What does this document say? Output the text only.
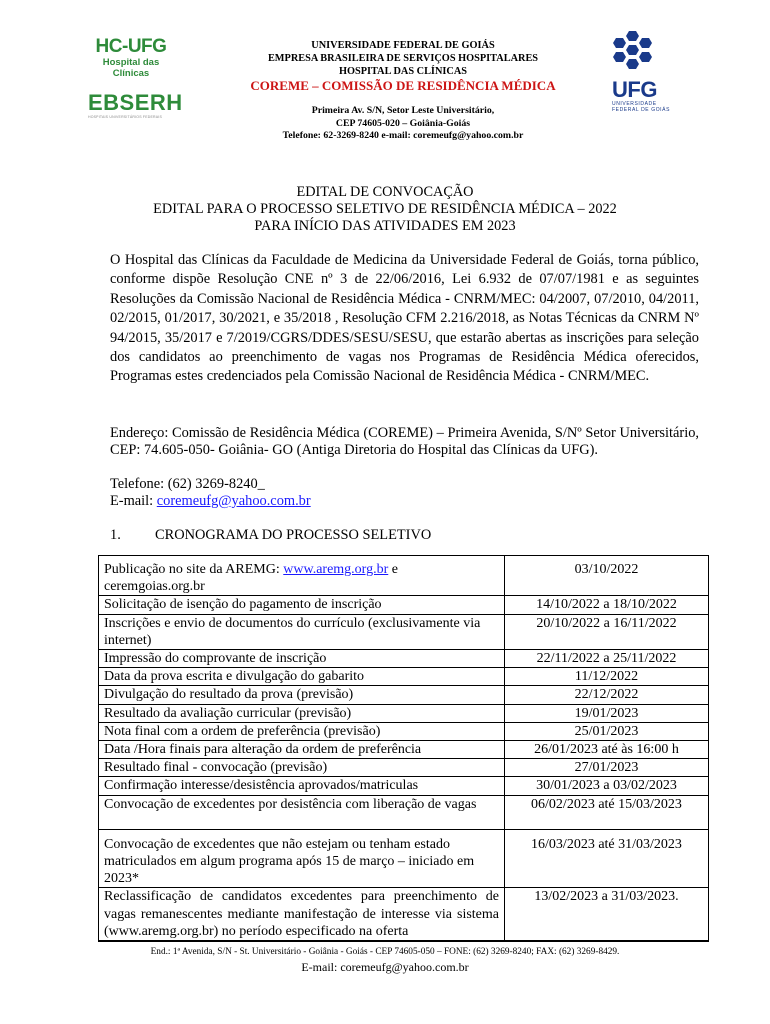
HC-UFG
Hospital das Clínicas
EBSERH
HOSPITAIS UNIVERSITÁRIOS FEDERAIS
UFG
UNIVERSIDADE
FEDERAL DE GOIÁS
UNIVERSIDADE FEDERAL DE GOIÁS
EMPRESA BRASILEIRA DE SERVIÇOS HOSPITALARES
HOSPITAL DAS CLÍNICAS
COREME – COMISSÃO DE RESIDÊNCIA MÉDICA
Primeira Av. S/N, Setor Leste Universitário,
CEP 74605-020 – Goiânia-Goiás
Telefone: 62-3269-8240 e-mail: coremeufg@yahoo.com.br
EDITAL DE CONVOCAÇÃO
EDITAL PARA O PROCESSO SELETIVO DE RESIDÊNCIA MÉDICA – 2022
PARA INÍCIO DAS ATIVIDADES EM 2023

O Hospital das Clínicas da Faculdade de Medicina da Universidade Federal de Goiás, torna público, conforme dispõe Resolução CNE nº 3 de 22/06/2016, Lei 6.932 de 07/07/1981 e as seguintes Resoluções da Comissão Nacional de Residência Médica - CNRM/MEC: 04/2007, 07/2010, 04/2011, 02/2015, 01/2017, 30/2021, e 35/2018 , Resolução CFM 2.216/2018, as Notas Técnicas da CNRM Nº 94/2015, 35/2017 e 7/2019/CGRS/DDES/SESU/SESU, que estarão abertas as inscrições para seleção dos candidatos ao preenchimento de vagas nos Programas de Residência Médica oferecidos, Programas estes credenciados pela Comissão Nacional de Residência Médica - CNRM/MEC.

Endereço: Comissão de Residência Médica (COREME) – Primeira Avenida, S/Nº Setor Universitário, CEP: 74.605-050- Goiânia- GO (Antiga Diretoria do Hospital das Clínicas da UFG).

Telefone: (62) 3269-8240_
E-mail: coremeufg@yahoo.com.br
1. CRONOGRAMA DO PROCESSO SELETIVO
Publicação no site da AREMG: www.aremg.org.br e ceremgoias.org.br	03/10/2022
Solicitação de isenção do pagamento de inscrição	14/10/2022 a 18/10/2022
Inscrições e envio de documentos do currículo (exclusivamente via internet)	20/10/2022 a 16/11/2022
Impressão do comprovante de inscrição	22/11/2022 a 25/11/2022
Data da prova escrita e divulgação do gabarito	11/12/2022
Divulgação do resultado da prova (previsão)	22/12/2022
Resultado da avaliação curricular (previsão)	19/01/2023
Nota final com a ordem de preferência (previsão)	25/01/2023
Data /Hora finais para alteração da ordem de preferência	26/01/2023 até às 16:00 h
Resultado final - convocação (previsão)	27/01/2023
Confirmação interesse/desistência aprovados/matriculas	30/01/2023 a 03/02/2023
Convocação de excedentes por desistência com liberação de vagas	06/02/2023 até 15/03/2023
Convocação de excedentes que não estejam ou tenham estado matriculados em algum programa após 15 de março – iniciado em 2023*	16/03/2023 até 31/03/2023
Reclassificação de candidatos excedentes para preenchimento de vagas remanescentes mediante manifestação de interesse via sistema (www.aremg.org.br) no período especificado na oferta	13/02/2023 a 31/03/2023.
End.: 1ª Avenida, S/N - St. Universitário - Goiânia - Goiás - CEP 74605-050 – FONE: (62) 3269-8240; FAX: (62) 3269-8429.
E-mail: coremeufg@yahoo.com.br
